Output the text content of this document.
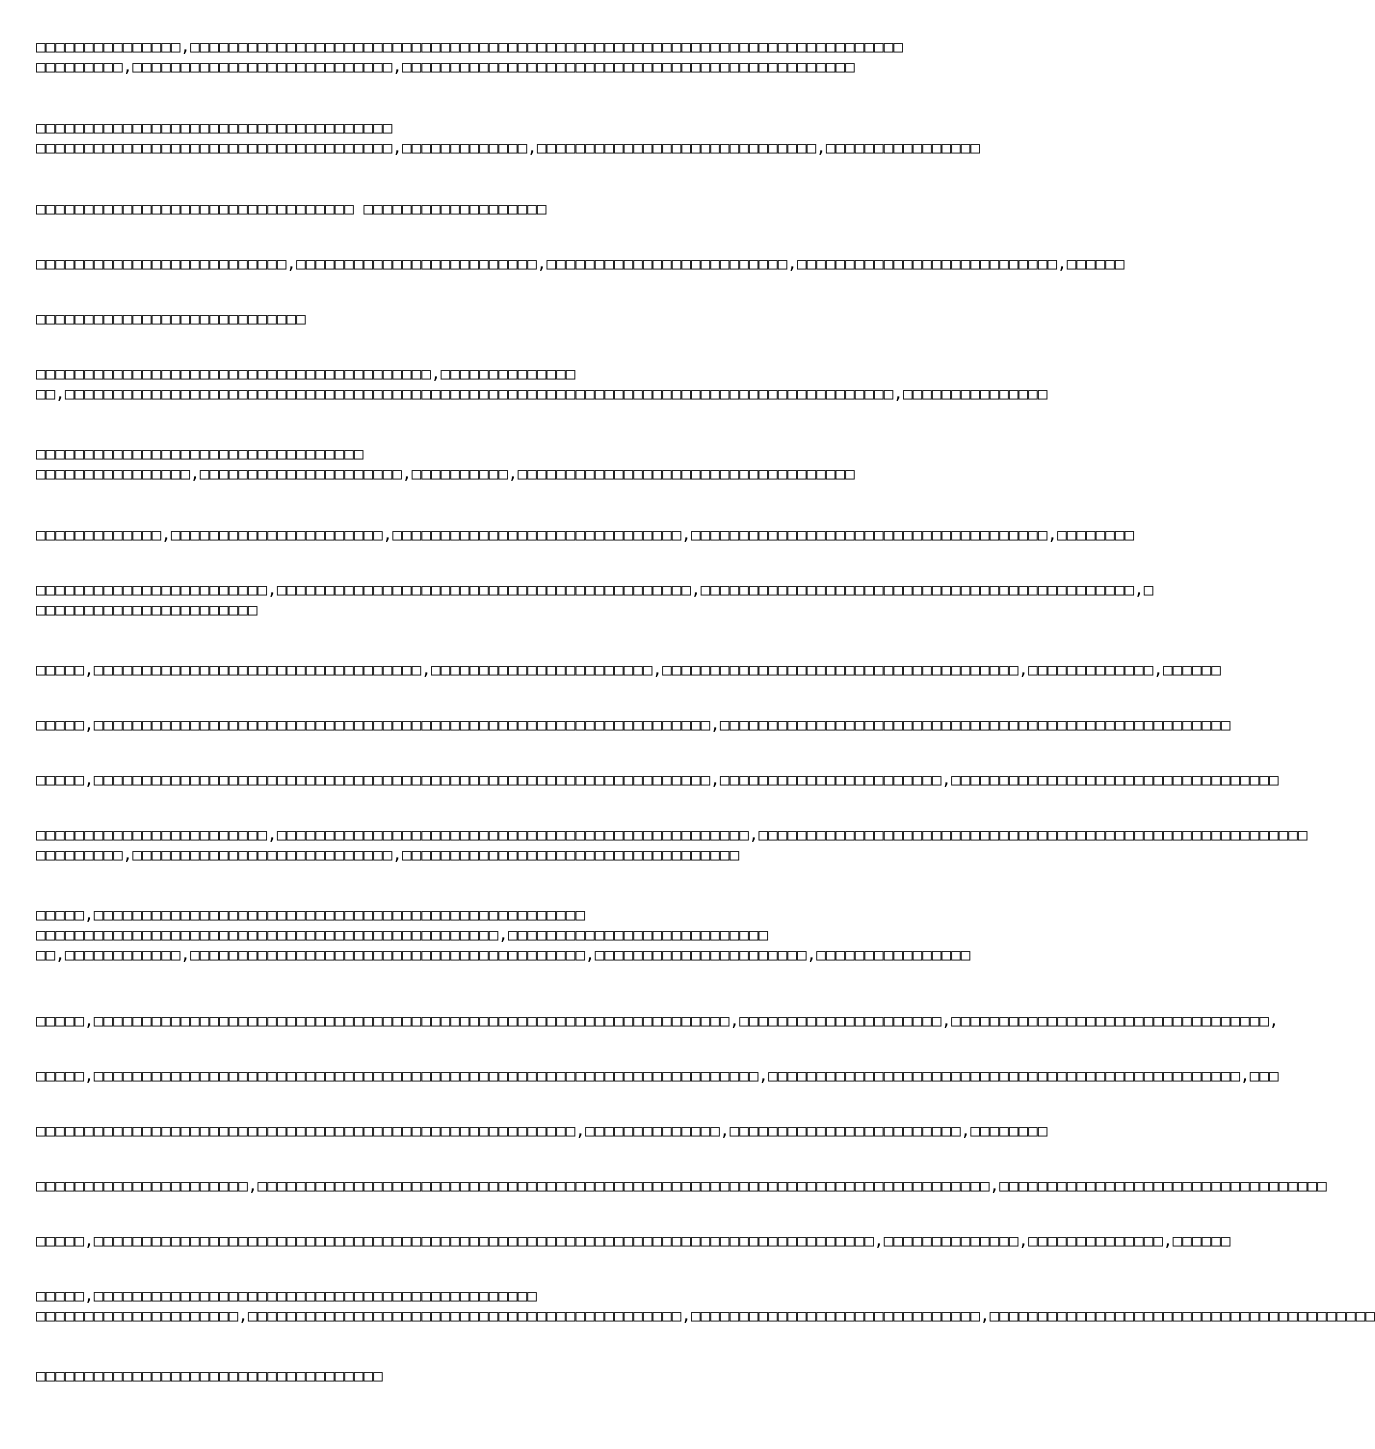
□□□□□□□□□□□□□□□,□□□□□□□□□□□□□□□□□□□□□□□□□□□□□□□□□□□□□□□□□□□□□□□□□□□□□□□□□□□□□□□□□□□□□□□□□□
□□□□□□□□□,□□□□□□□□□□□□□□□□□□□□□□□□□□□,□□□□□□□□□□□□□□□□□□□□□□□□□□□□□□□□□□□□□□□□□□□□□□□
□□□□□□□□□□□□□□□□□□□□□□□□□□□□□□□□□□□□□
□□□□□□□□□□□□□□□□□□□□□□□□□□□□□□□□□□□□□,□□□□□□□□□□□□□,□□□□□□□□□□□□□□□□□□□□□□□□□□□□□,□□□□□□□□□□□□□□□□
□□□□□□□□□□□□□□□□□□□□□□□□□□□□□□□□□ □□□□□□□□□□□□□□□□□□□
□□□□□□□□□□□□□□□□□□□□□□□□□□,□□□□□□□□□□□□□□□□□□□□□□□□□,□□□□□□□□□□□□□□□□□□□□□□□□□,□□□□□□□□□□□□□□□□□□□□□□□□□□□,□□□□□□
□□□□□□□□□□□□□□□□□□□□□□□□□□□□
□□□□□□□□□□□□□□□□□□□□□□□□□□□□□□□□□□□□□□□□□,□□□□□□□□□□□□□□
□□,□□□□□□□□□□□□□□□□□□□□□□□□□□□□□□□□□□□□□□□□□□□□□□□□□□□□□□□□□□□□□□□□□□□□□□□□□□□□□□□□□□□□□□,□□□□□□□□□□□□□□□
□□□□□□□□□□□□□□□□□□□□□□□□□□□□□□□□□□
□□□□□□□□□□□□□□□□,□□□□□□□□□□□□□□□□□□□□□,□□□□□□□□□□,□□□□□□□□□□□□□□□□□□□□□□□□□□□□□□□□□□□
□□□□□□□□□□□□□,□□□□□□□□□□□□□□□□□□□□□□,□□□□□□□□□□□□□□□□□□□□□□□□□□□□□□,□□□□□□□□□□□□□□□□□□□□□□□□□□□□□□□□□□□□□,□□□□□□□□
□□□□□□□□□□□□□□□□□□□□□□□□,□□□□□□□□□□□□□□□□□□□□□□□□□□□□□□□□□□□□□□□□□□□,□□□□□□□□□□□□□□□□□□□□□□□□□□□□□□□□□□□□□□□□□□□□□,□
□□□□□□□□□□□□□□□□□□□□□□□
□□□□□,□□□□□□□□□□□□□□□□□□□□□□□□□□□□□□□□□□,□□□□□□□□□□□□□□□□□□□□□□□,□□□□□□□□□□□□□□□□□□□□□□□□□□□□□□□□□□□□□,□□□□□□□□□□□□□,□□□□□□
□□□□□,□□□□□□□□□□□□□□□□□□□□□□□□□□□□□□□□□□□□□□□□□□□□□□□□□□□□□□□□□□□□□□□□,□□□□□□□□□□□□□□□□□□□□□□□□□□□□□□□□□□□□□□□□□□□□□□□□□□□□□
□□□□□,□□□□□□□□□□□□□□□□□□□□□□□□□□□□□□□□□□□□□□□□□□□□□□□□□□□□□□□□□□□□□□□□,□□□□□□□□□□□□□□□□□□□□□□□,□□□□□□□□□□□□□□□□□□□□□□□□□□□□□□□□□□
□□□□□□□□□□□□□□□□□□□□□□□□,□□□□□□□□□□□□□□□□□□□□□□□□□□□□□□□□□□□□□□□□□□□□□□□□□,□□□□□□□□□□□□□□□□□□□□□□□□□□□□□□□□□□□□□□□□□□□□□□□□□□□□□□□□□
□□□□□□□□□,□□□□□□□□□□□□□□□□□□□□□□□□□□□,□□□□□□□□□□□□□□□□□□□□□□□□□□□□□□□□□□□
□□□□□,□□□□□□□□□□□□□□□□□□□□□□□□□□□□□□□□□□□□□□□□□□□□□□□□□□□
□□□□□□□□□□□□□□□□□□□□□□□□□□□□□□□□□□□□□□□□□□□□□□□□,□□□□□□□□□□□□□□□□□□□□□□□□□□□
□□,□□□□□□□□□□□□,□□□□□□□□□□□□□□□□□□□□□□□□□□□□□□□□□□□□□□□□□,□□□□□□□□□□□□□□□□□□□□□□,□□□□□□□□□□□□□□□□
□□□□□,□□□□□□□□□□□□□□□□□□□□□□□□□□□□□□□□□□□□□□□□□□□□□□□□□□□□□□□□□□□□□□□□□□,□□□□□□□□□□□□□□□□□□□□□,□□□□□□□□□□□□□□□□□□□□□□□□□□□□□□□□□,
□□□□□,□□□□□□□□□□□□□□□□□□□□□□□□□□□□□□□□□□□□□□□□□□□□□□□□□□□□□□□□□□□□□□□□□□□□□,□□□□□□□□□□□□□□□□□□□□□□□□□□□□□□□□□□□□□□□□□□□□□□□□□,□□□
□□□□□□□□□□□□□□□□□□□□□□□□□□□□□□□□□□□□□□□□□□□□□□□□□□□□□□□□,□□□□□□□□□□□□□□,□□□□□□□□□□□□□□□□□□□□□□□□,□□□□□□□□
□□□□□□□□□□□□□□□□□□□□□□,□□□□□□□□□□□□□□□□□□□□□□□□□□□□□□□□□□□□□□□□□□□□□□□□□□□□□□□□□□□□□□□□□□□□□□□□□□□□,□□□□□□□□□□□□□□□□□□□□□□□□□□□□□□□□□□
□□□□□,□□□□□□□□□□□□□□□□□□□□□□□□□□□□□□□□□□□□□□□□□□□□□□□□□□□□□□□□□□□□□□□□□□□□□□□□□□□□□□□□□,□□□□□□□□□□□□□□,□□□□□□□□□□□□□□,□□□□□□
□□□□□,□□□□□□□□□□□□□□□□□□□□□□□□□□□□□□□□□□□□□□□□□□□□□□
□□□□□□□□□□□□□□□□□□□□□,□□□□□□□□□□□□□□□□□□□□□□□□□□□□□□□□□□□□□□□□□□□□□,□□□□□□□□□□□□□□□□□□□□□□□□□□□□□□,□□□□□□□□□□□□□□□□□□□□□□□□□□□□□□□□□□□□□□□□
□□□□□□□□□□□□□□□□□□□□□□□□□□□□□□□□□□□□
